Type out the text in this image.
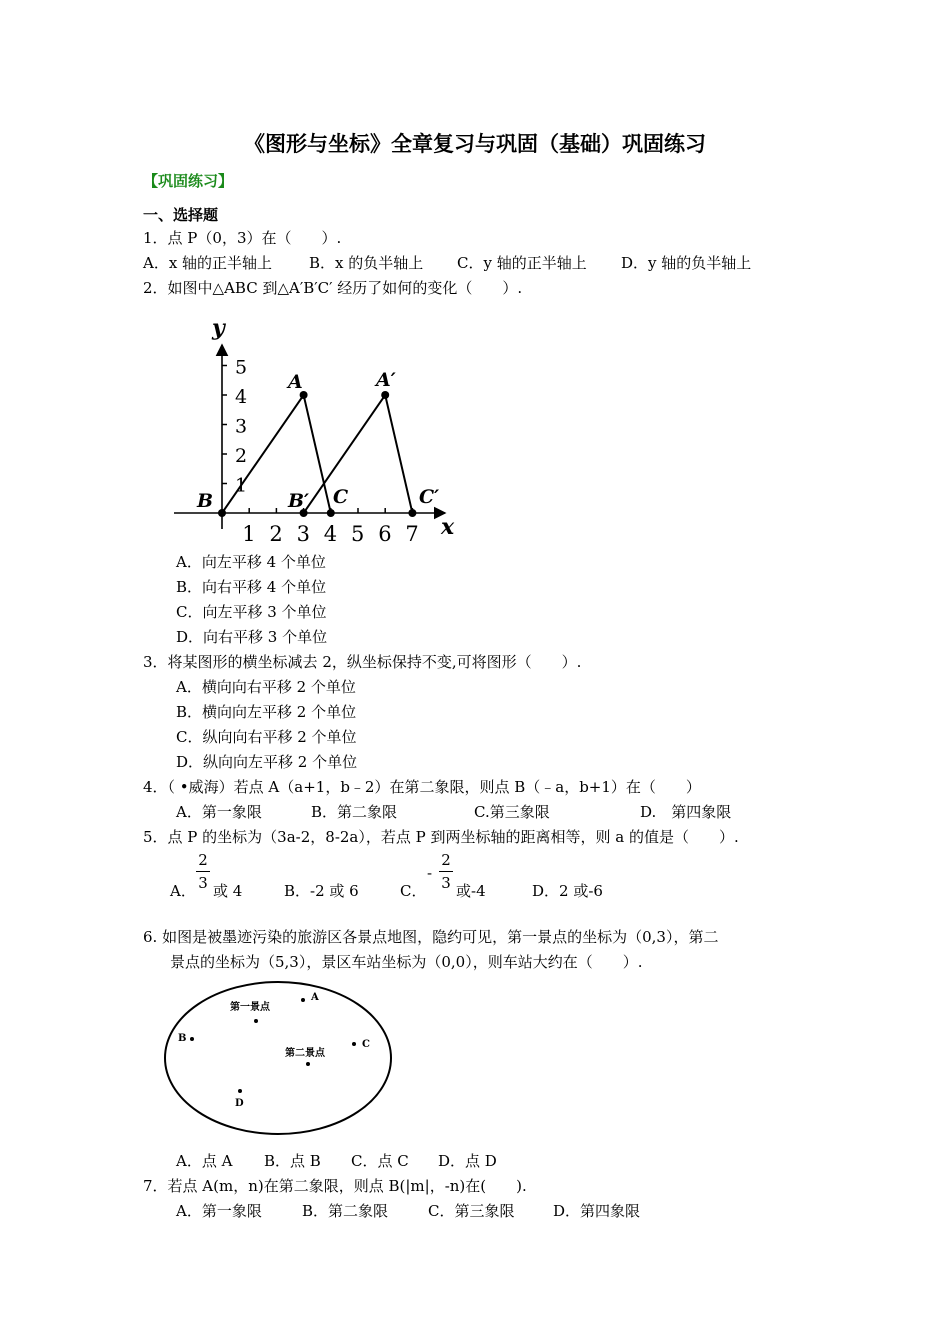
《图形与坐标》全章复习与巩固（基础）巩固练习
【巩固练习】
一、选择题
1．点 P（0，3）在（　　）.
A．x 轴的正半轴上 B．x 的负半轴上 C．y 轴的正半轴上 D．y 轴的负半轴上
2．如图中△ABC 到△A′B′C′ 经历了如何的变化（　　）.
y
x
1 2 3 4 5 6 7
1
2
3
4
5
A	A′
B	B′ C	C′
A．向左平移 4 个单位
B．向右平移 4 个单位
C．向左平移 3 个单位
D．向右平移 3 个单位
3．将某图形的横坐标减去 2，纵坐标保持不变,可将图形（　　）.
A．横向向右平移 2 个单位
B．横向向左平移 2 个单位
C．纵向向右平移 2 个单位
D．纵向向左平移 2 个单位
4．（ •威海）若点 A（a+1，b﹣2）在第二象限，则点 B（﹣a，b+1）在（　　）
A．第一象限	B．第二象限	C.第三象限	D.　第四象限
5．点 P 的坐标为（3a-2，8-2a），若点 P 到两坐标轴的距离相等，则 a 的值是（　　）.
A．
2
3 或 4	B．-2 或 6	C．
-
2
3 或-4	D．2 或-6
6. 如图是被墨迹污染的旅游区各景点地图，隐约可见，第一景点的坐标为（0,3），第二
景点的坐标为（5,3），景区车站坐标为（0,0），则车站大约在（　　）.
第一景点
A
B
C
第二景点
D
A．点 A B．点 B C．点 C D．点 D
7．若点 A(m，n)在第二象限，则点 B(|m|，-n)在(　　).
A．第一象限	B．第二象限	C．第三象限	D．第四象限
